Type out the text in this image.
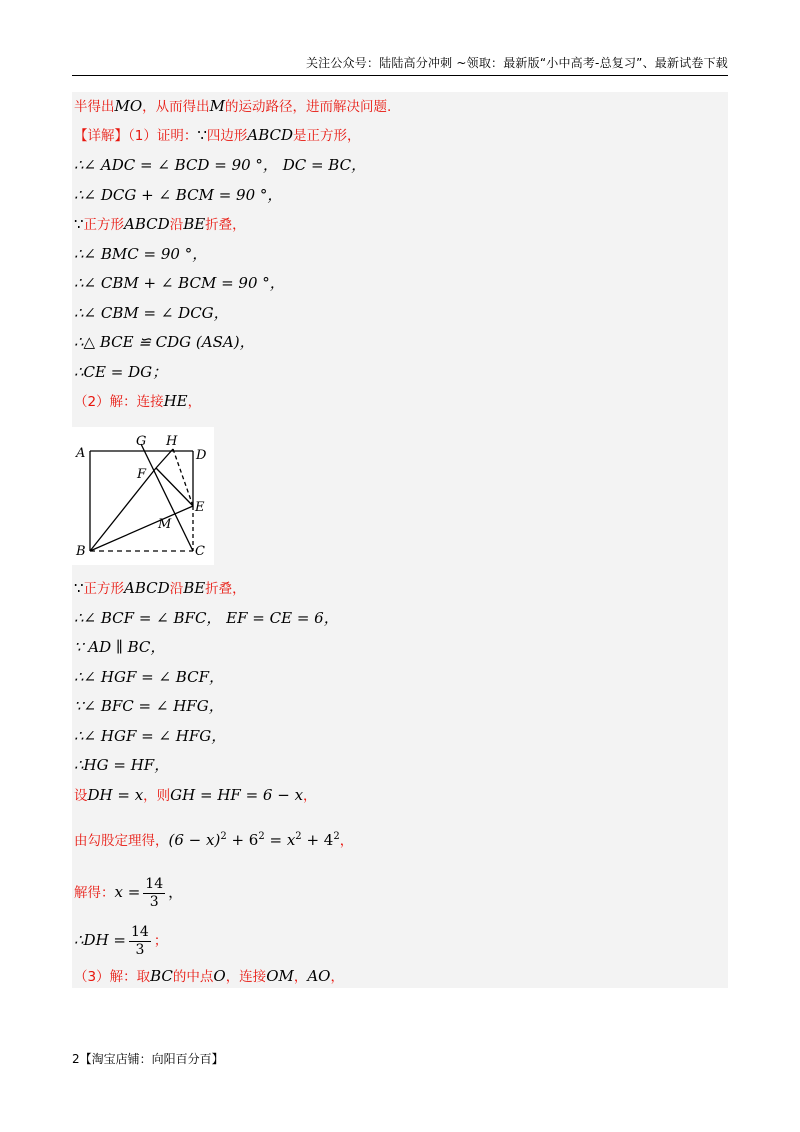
关注公众号：陆陆高分冲刺 ~领取：最新版“小中高考-总复习”、最新试卷下载
半得出MO，从而得出M的运动路径，进而解决问题.
【详解】（1）证明：∵四边形ABCD是正方形，
∴∠ ADC = ∠ BCD = 90 °， DC = BC，
∴∠ DCG + ∠ BCM = 90 °，
∵正方形ABCD沿BE折叠，
∴∠ BMC = 90 °，
∴∠ CBM + ∠ BCM = 90 °，
∴∠ CBM = ∠ DCG，
∴△ BCE ≌ CDG (ASA)，
∴CE = DG；
（2）解：连接HE，
∵正方形ABCD沿BE折叠，
∴∠ BCF = ∠ BFC， EF = CE = 6，
∵ AD ∥ BC，
∴∠ HGF = ∠ BCF，
∵∠ BFC = ∠ HFG，
∴∠ HGF = ∠ HFG，
∴HG = HF，
设DH = x，则GH = HF = 6 − x，
由勾股定理得，$(6 - x)^2 + 6^2 = x^2 + 4^2$，
解得：$x = \frac{14}{3}$ ，
∴DH = $\frac{14}{3}$ ；
（3）解：取BC的中点O，连接OM，AO，
A
G H
D
F
E
M
B	C
2【淘宝店铺：向阳百分百】
